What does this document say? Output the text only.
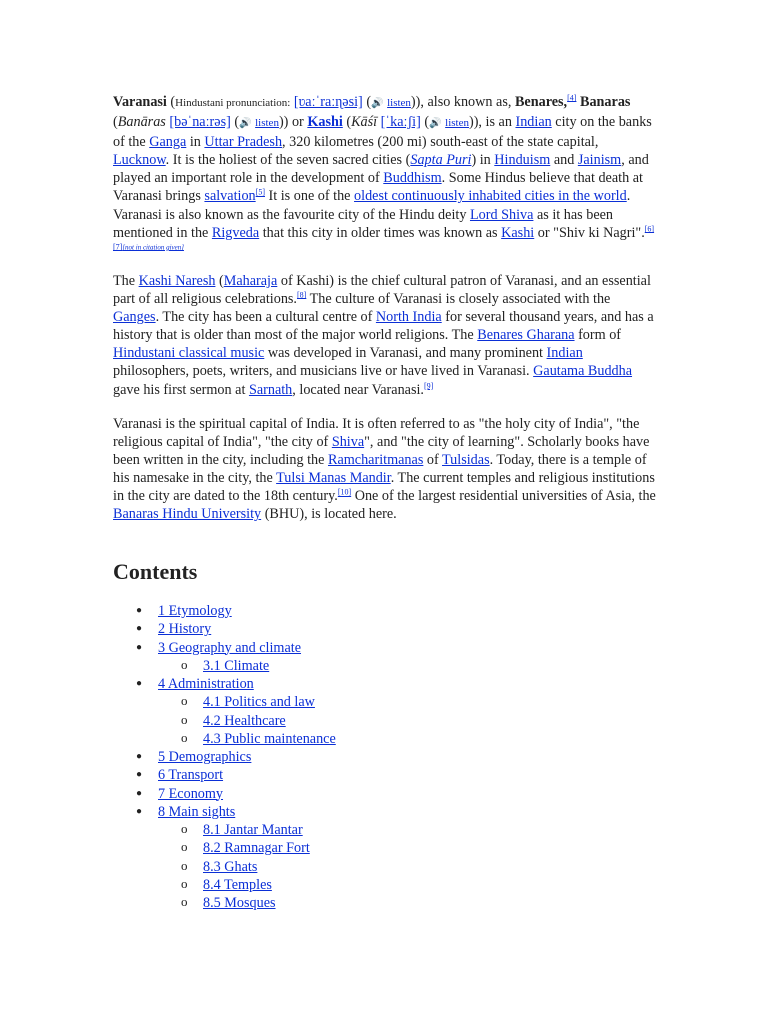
Varanasi (Hindustani pronunciation: [ʋaːˈraːɳəsi] (🔊 listen)), also known as, Benares,[4] Banaras (Banāras [bəˈnaːrəs] (🔊 listen)) or Kashi (Kāśī [ˈkaːʃi] (🔊 listen)), is an Indian city on the banks of the Ganga in Uttar Pradesh, 320 kilometres (200 mi) south-east of the state capital, Lucknow. It is the holiest of the seven sacred cities (Sapta Puri) in Hinduism and Jainism, and played an important role in the development of Buddhism. Some Hindus believe that death at Varanasi brings salvation[5] It is one of the oldest continuously inhabited cities in the world. Varanasi is also known as the favourite city of the Hindu deity Lord Shiva as it has been mentioned in the Rigveda that this city in older times was known as Kashi or "Shiv ki Nagri".[6][7][not in citation given]

The Kashi Naresh (Maharaja of Kashi) is the chief cultural patron of Varanasi, and an essential part of all religious celebrations.[8] The culture of Varanasi is closely associated with the Ganges. The city has been a cultural centre of North India for several thousand years, and has a history that is older than most of the major world religions. The Benares Gharana form of Hindustani classical music was developed in Varanasi, and many prominent Indian philosophers, poets, writers, and musicians live or have lived in Varanasi. Gautama Buddha gave his first sermon at Sarnath, located near Varanasi.[9]

Varanasi is the spiritual capital of India. It is often referred to as "the holy city of India", "the religious capital of India", "the city of Shiva", and "the city of learning". Scholarly books have been written in the city, including the Ramcharitmanas of Tulsidas. Today, there is a temple of his namesake in the city, the Tulsi Manas Mandir. The current temples and religious institutions in the city are dated to the 18th century.[10] One of the largest residential universities of Asia, the Banaras Hindu University (BHU), is located here.

Contents
● 1 Etymology
● 2 History
● 3 Geography and climate
o 3.1 Climate
● 4 Administration
o 4.1 Politics and law
o 4.2 Healthcare
o 4.3 Public maintenance
● 5 Demographics
● 6 Transport
● 7 Economy
● 8 Main sights
o 8.1 Jantar Mantar
o 8.2 Ramnagar Fort
o 8.3 Ghats
o 8.4 Temples
o 8.5 Mosques
